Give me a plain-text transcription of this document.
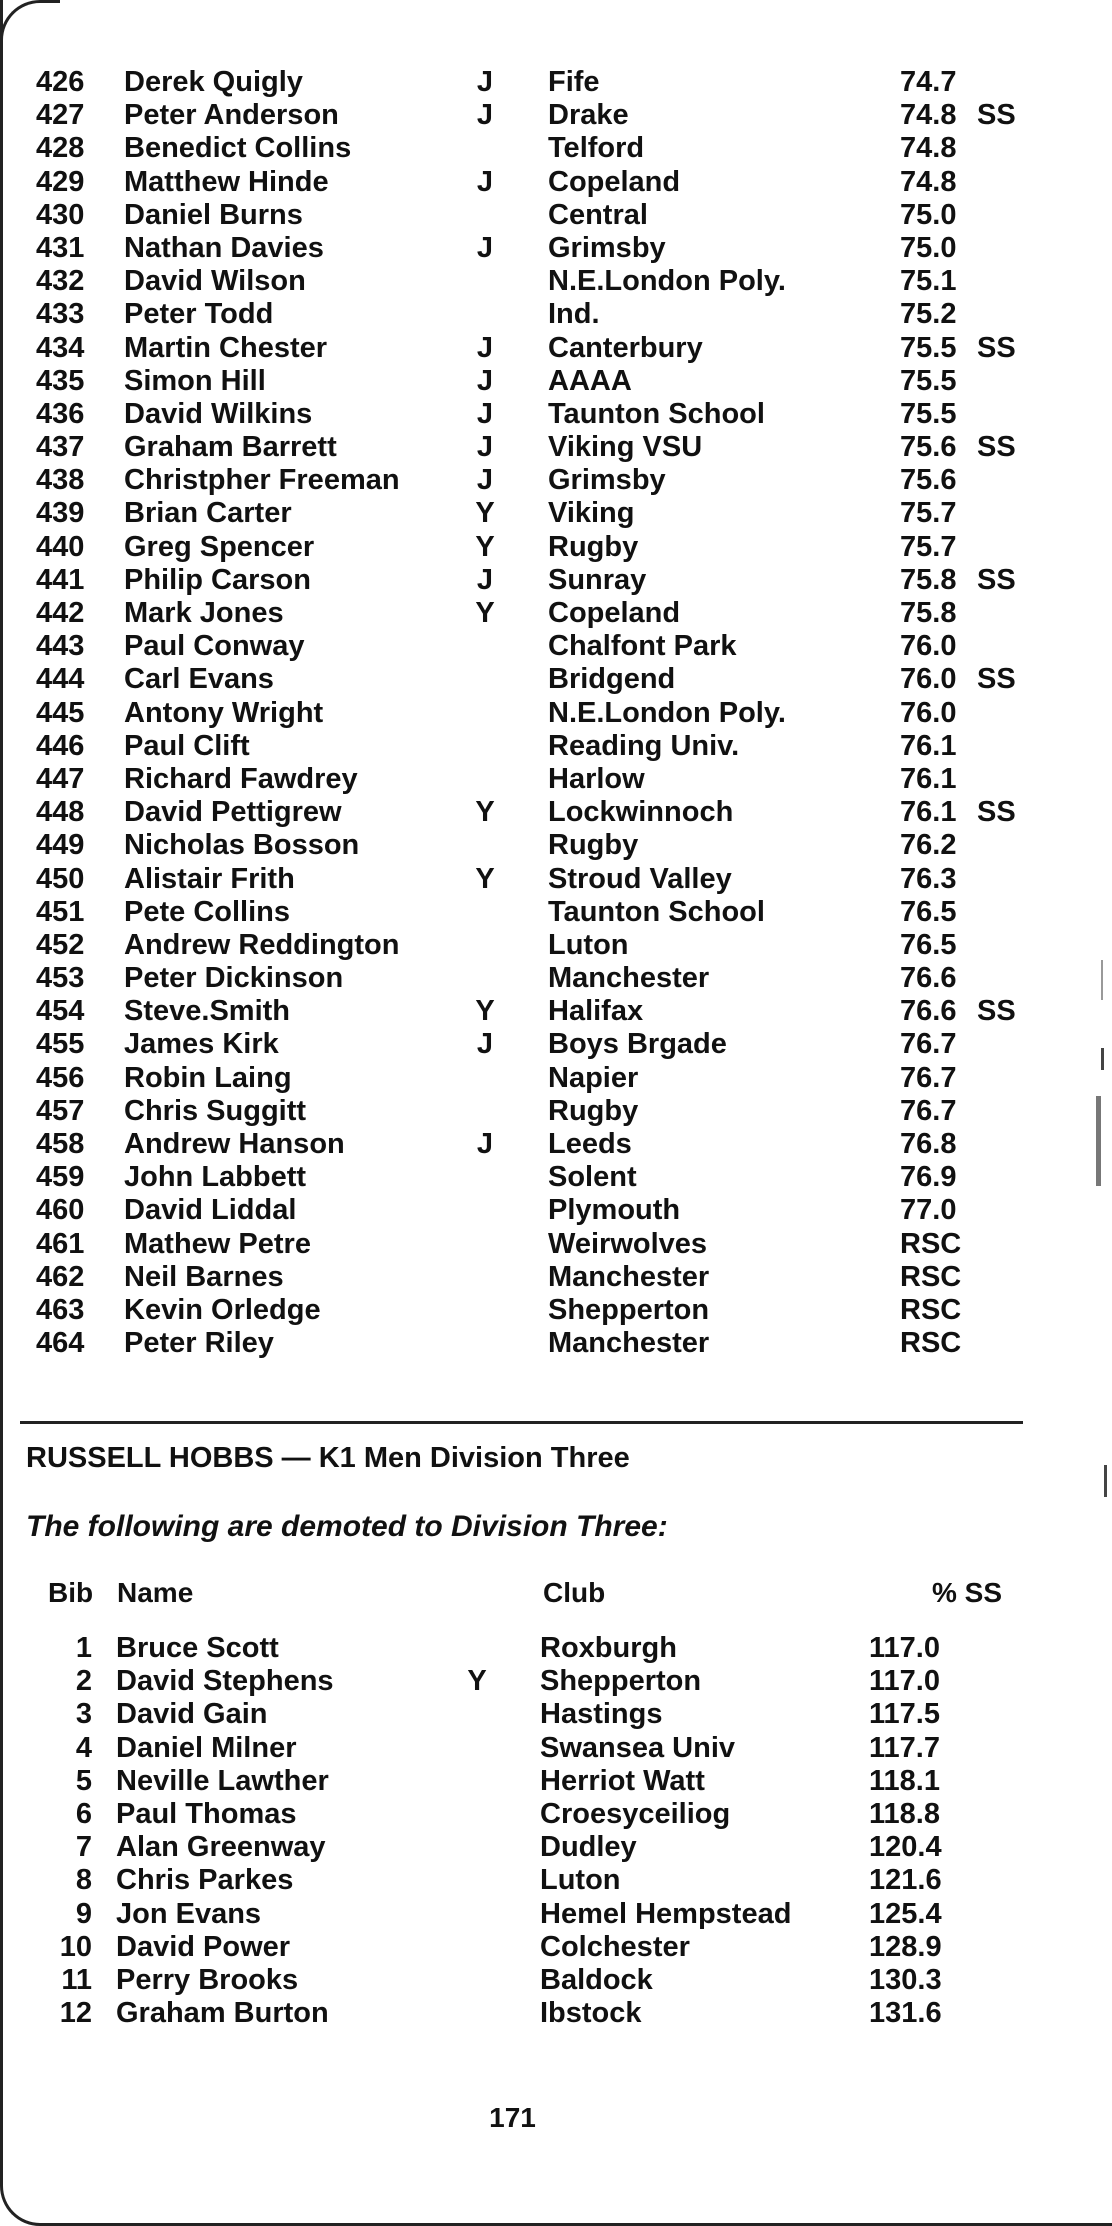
426	Derek Quigly	J Fife	74.7
427	Peter Anderson	J Drake	74.8 SS
428	Benedict Collins	Telford	74.8
429	Matthew Hinde	J Copeland	74.8
430	Daniel Burns	Central	75.0
431	Nathan Davies	J Grimsby	75.0
432	David Wilson	N.E.London Poly.	75.1
433	Peter Todd	Ind.	75.2
434	Martin Chester	J Canterbury	75.5 SS
435	Simon Hill	J AAAA	75.5
436	David Wilkins	J Taunton School	75.5
437	Graham Barrett	J Viking VSU	75.6 SS
438	Christpher Freeman	J Grimsby	75.6
439	Brian Carter	Y Viking	75.7
440	Greg Spencer	Y Rugby	75.7
441	Philip Carson	J Sunray	75.8 SS
442	Mark Jones	Y Copeland	75.8
443	Paul Conway	Chalfont Park	76.0
444	Carl Evans	Bridgend	76.0 SS
445	Antony Wright	N.E.London Poly.	76.0
446	Paul Clift	Reading Univ.	76.1
447	Richard Fawdrey	Harlow	76.1
448	David Pettigrew	Y Lockwinnoch	76.1 SS
449	Nicholas Bosson	Rugby	76.2
450	Alistair Frith	Y Stroud Valley	76.3
451	Pete Collins	Taunton School	76.5
452	Andrew Reddington	Luton	76.5
453	Peter Dickinson	Manchester	76.6
454	Steve.Smith	Y Halifax	76.6 SS
455	James Kirk	J Boys Brgade	76.7
456	Robin Laing	Napier	76.7
457	Chris Suggitt	Rugby	76.7
458	Andrew Hanson	J Leeds	76.8
459	John Labbett	Solent	76.9
460	David Liddal	Plymouth	77.0
461	Mathew Petre	Weirwolves	RSC
462	Neil Barnes	Manchester	RSC
463	Kevin Orledge	Shepperton	RSC
464	Peter Riley	Manchester	RSC
RUSSELL HOBBS — K1 Men Division Three
The following are demoted to Division Three:
Bib Name	Club	% SS
1 Bruce Scott	Roxburgh	117.0
2 David Stephens	Y Shepperton	117.0
3 David Gain	Hastings	117.5
4 Daniel Milner	Swansea Univ	117.7
5 Neville Lawther	Herriot Watt	118.1
6 Paul Thomas	Croesyceiliog	118.8
7 Alan Greenway	Dudley	120.4
8 Chris Parkes	Luton	121.6
9 Jon Evans	Hemel Hempstead	125.4
10 David Power	Colchester	128.9
11 Perry Brooks	Baldock	130.3
12 Graham Burton	Ibstock	131.6
171
